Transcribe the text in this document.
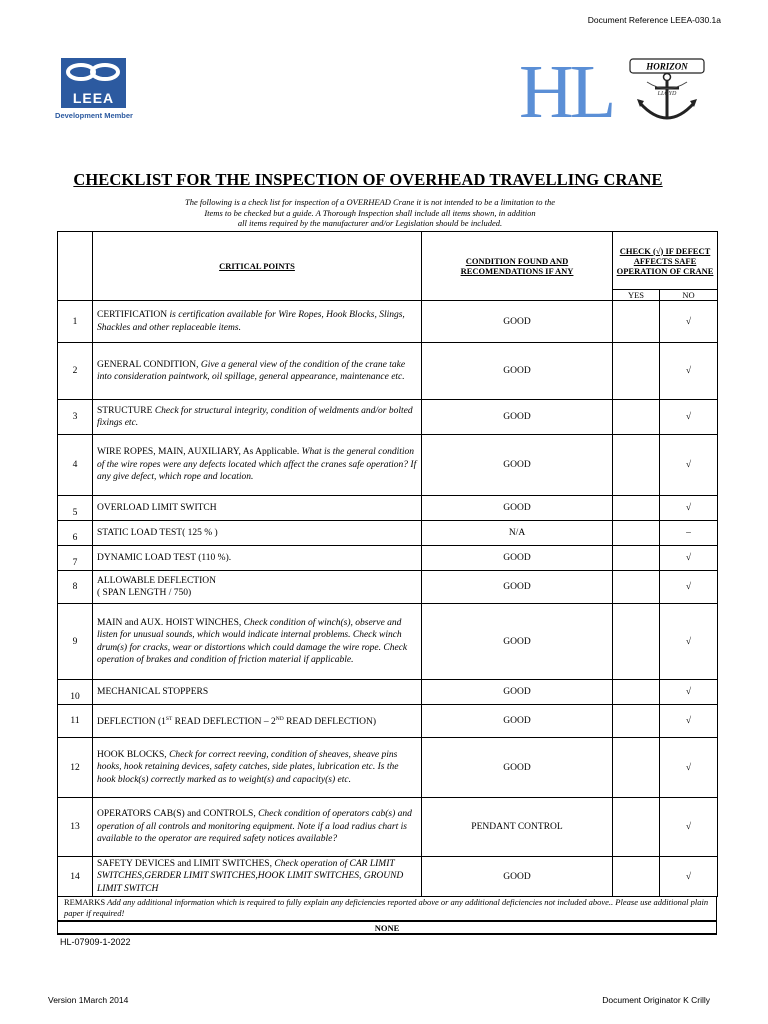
Document Reference LEEA-030.1a
LEEA
Development Member	HL	HORIZON
LLOYD
CHECKLIST FOR THE INSPECTION OF OVERHEAD TRAVELLING CRANE
The following is a check list for inspection of a OVERHEAD Crane it is not intended to be a limitation to the
Items to be checked but a guide. A Thorough Inspection shall include all items shown, in addition
all items required by the manufacturer and/or Legislation should be included.
	CRITICAL POINTS	CONDITION FOUND AND RECOMENDATIONS IF ANY	CHECK (√) IF DEFECT AFFECTS SAFE OPERATION OF CRANE	
			YES	NO
1	CERTIFICATION is certification available for Wire Ropes, Hook Blocks, Slings, Shackles and other replaceable items.	GOOD		√
2	GENERAL CONDITION, Give a general view of the condition of the crane take into consideration paintwork, oil spillage, general appearance, maintenance etc.	GOOD		√
3	STRUCTURE Check for structural integrity, condition of weldments and/or bolted fixings etc.	GOOD		√
4	WIRE ROPES, MAIN, AUXILIARY, As Applicable. What is the general condition of the wire ropes were any defects located which affect the cranes safe operation? If any give defect, which rope and location.	GOOD		√
5	OVERLOAD LIMIT SWITCH	GOOD		√
6	STATIC LOAD TEST( 125 % )	N/A		–
7	DYNAMIC LOAD TEST (110 %).	GOOD		√
8	ALLOWABLE DEFLECTION
( SPAN LENGTH / 750)	GOOD		√
9	MAIN and AUX. HOIST WINCHES, Check condition of winch(s), observe and listen for unusual sounds, which would indicate internal problems. Check winch drum(s) for cracks, wear or distortions which could damage the wire rope. Check operation of brakes and condition of friction material if applicable.	GOOD		√
10	MECHANICAL STOPPERS	GOOD		√
11	DEFLECTION (1ST READ DEFLECTION – 2ND READ DEFLECTION)	GOOD		√
12	HOOK BLOCKS, Check for correct reeving, condition of sheaves, sheave pins hooks, hook retaining devices, safety catches, side plates, lubrication etc. Is the hook block(s) correctly marked as to weight(s) and capacity(s) etc.	GOOD		√
13	OPERATORS CAB(S) and CONTROLS, Check condition of operators cab(s) and operation of all controls and monitoring equipment. Note if a load radius chart is available to the operator are required safety notices available?	PENDANT CONTROL		√
14	SAFETY DEVICES and LIMIT SWITCHES, Check operation of CAR LIMIT SWITCHES,GERDER LIMIT SWITCHES,HOOK LIMIT SWITCHES, GROUND LIMIT SWITCH	GOOD		√
REMARKS Add any additional information which is required to fully explain any deficiencies reported above or any additional deficiencies not included above.. Please use additional plain paper if required!
NONE
HL-07909-1-2022
Version 1March 2014	Document Originator K Crilly
